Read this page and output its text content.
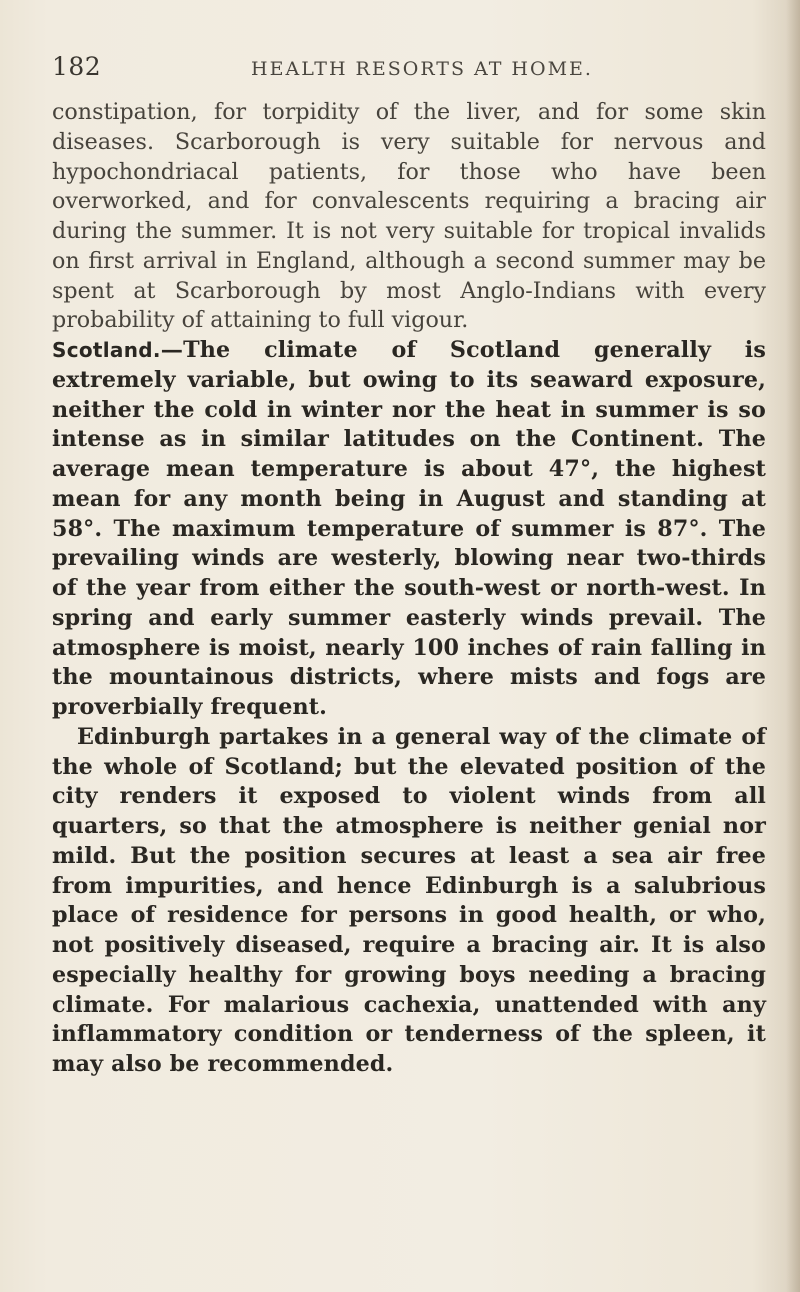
182	HEALTH RESORTS AT HOME.

constipation, for torpidity of the liver, and for some skin diseases. Scarborough is very suitable for nervous and hypochondriacal patients, for those who have been overworked, and for convalescents requiring a bracing air during the summer. It is not very suitable for tropical invalids on first arrival in England, although a second summer may be spent at Scarborough by most Anglo-Indians with every probability of attaining to full vigour.

Scotland.—The climate of Scotland generally is extremely variable, but owing to its seaward exposure, neither the cold in winter nor the heat in summer is so intense as in similar latitudes on the Continent. The average mean temperature is about 47°, the highest mean for any month being in August and standing at 58°. The maximum temperature of summer is 87°. The prevailing winds are westerly, blowing near two-thirds of the year from either the south-west or north-west. In spring and early summer easterly winds prevail. The atmosphere is moist, nearly 100 inches of rain falling in the mountainous districts, where mists and fogs are proverbially frequent.

Edinburgh partakes in a general way of the climate of the whole of Scotland; but the elevated position of the city renders it exposed to violent winds from all quarters, so that the atmosphere is neither genial nor mild. But the position secures at least a sea air free from impurities, and hence Edinburgh is a salubrious place of residence for persons in good health, or who, not positively diseased, require a bracing air. It is also especially healthy for growing boys needing a bracing climate. For malarious cachexia, unattended with any inflammatory condition or tenderness of the spleen, it may also be recommended.
